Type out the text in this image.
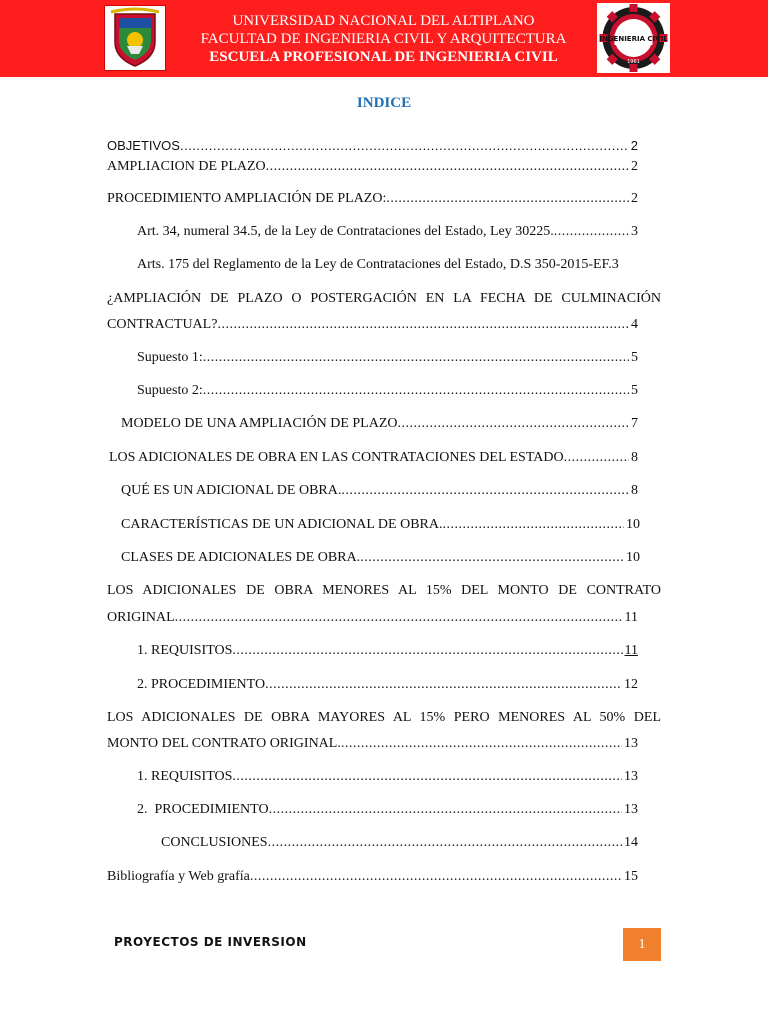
UNIVERSIDAD NACIONAL DEL ALTIPLANO
FACULTAD DE INGENIERIA CIVIL Y ARQUITECTURA
ESCUELA PROFESIONAL DE INGENIERIA CIVIL
INGENIERIA CIVIL
1961
INDICE
OBJETIVOS .....	2
AMPLIACION DE PLAZO .....	2
PROCEDIMIENTO AMPLIACIÓN DE PLAZO: .....	2
Art. 34, numeral 34.5, de la Ley de Contrataciones del Estado, Ley 30225. .....	3
Arts. 175 del Reglamento de la Ley de Contrataciones del Estado, D.S 350-2015-EF. 3
¿AMPLIACIÓN DE PLAZO O POSTERGACIÓN EN LA FECHA DE CULMINACIÓN
CONTRACTUAL? .....	4
Supuesto 1: .....	5
Supuesto 2: .....	5
MODELO DE UNA AMPLIACIÓN DE PLAZO .....	7
LOS ADICIONALES DE OBRA EN LAS CONTRATACIONES DEL ESTADO .....	8
QUÉ ES UN ADICIONAL DE OBRA. .....	8
CARACTERÍSTICAS DE UN ADICIONAL DE OBRA. .....	10
CLASES DE ADICIONALES DE OBRA. .....	10
LOS ADICIONALES DE OBRA MENORES AL 15% DEL MONTO DE CONTRATO
ORIGINAL .....	11
1. REQUISITOS .....	11
2. PROCEDIMIENTO .....	12
LOS ADICIONALES DE OBRA MAYORES AL 15% PERO MENORES AL 50% DEL
MONTO DEL CONTRATO ORIGINAL. .....	13
1. REQUISITOS .....	13
2.  PROCEDIMIENTO .....	13
CONCLUSIONES .....	14
Bibliografía y Web grafía .....	15
PROYECTOS DE INVERSION	1
